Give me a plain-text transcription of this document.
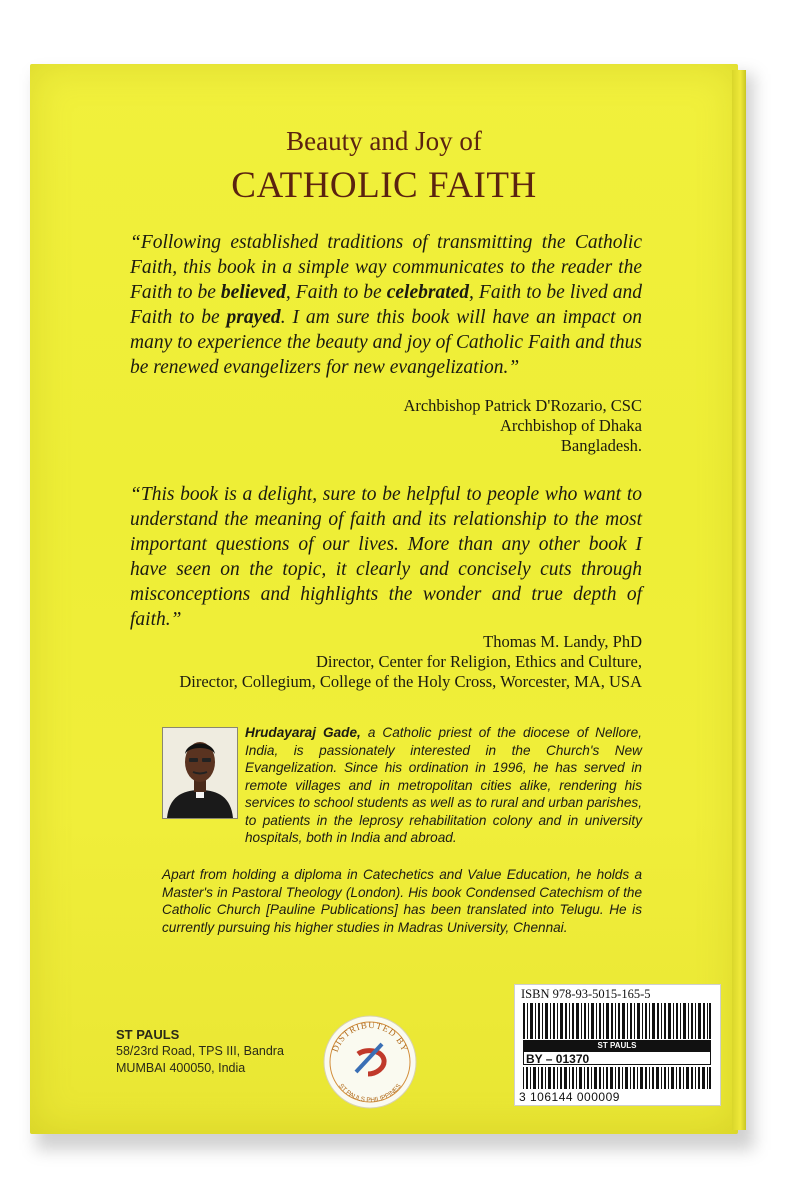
Beauty and Joy of
CATHOLIC FAITH
“Following established traditions of transmitting the Catholic Faith, this book in a simple way communicates to the reader the Faith to be believed, Faith to be celebrated, Faith to be lived and Faith to be prayed. I am sure this book will have an impact on many to experience the beauty and joy of Catholic Faith and thus be renewed evangelizers for new evangelization.”
Archbishop Patrick D'Rozario, CSC
Archbishop of Dhaka
Bangladesh.
“This book is a delight, sure to be helpful to people who want to understand the meaning of faith and its relationship to the most important questions of our lives. More than any other book I have seen on the topic, it clearly and concisely cuts through misconceptions and highlights the wonder and true depth of faith.”
Thomas M. Landy, PhD
Director, Center for Religion, Ethics and Culture,
Director, Collegium, College of the Holy Cross, Worcester, MA, USA
Hrudayaraj Gade, a Catholic priest of the diocese of Nellore, India, is passionately interested in the Church's New Evangelization. Since his ordination in 1996, he has served in remote villages and in metropolitan cities alike, rendering his services to school students as well as to rural and urban parishes, to patients in the leprosy rehabilitation colony and in university hospitals, both in India and abroad.
Apart from holding a diploma in Catechetics and Value Education, he holds a Master's in Pastoral Theology (London). His book Condensed Catechism of the Catholic Church [Pauline Publications] has been translated into Telugu. He is currently pursuing his higher studies in Madras University, Chennai.
ST PAULS
58/23rd Road, TPS III, Bandra
MUMBAI 400050, India
DISTRIBUTED BY
ST PAULS PHILIPPINES
ISBN 978-93-5015-165-5
ST PAULS
BY – 01370
3 106144 000009
